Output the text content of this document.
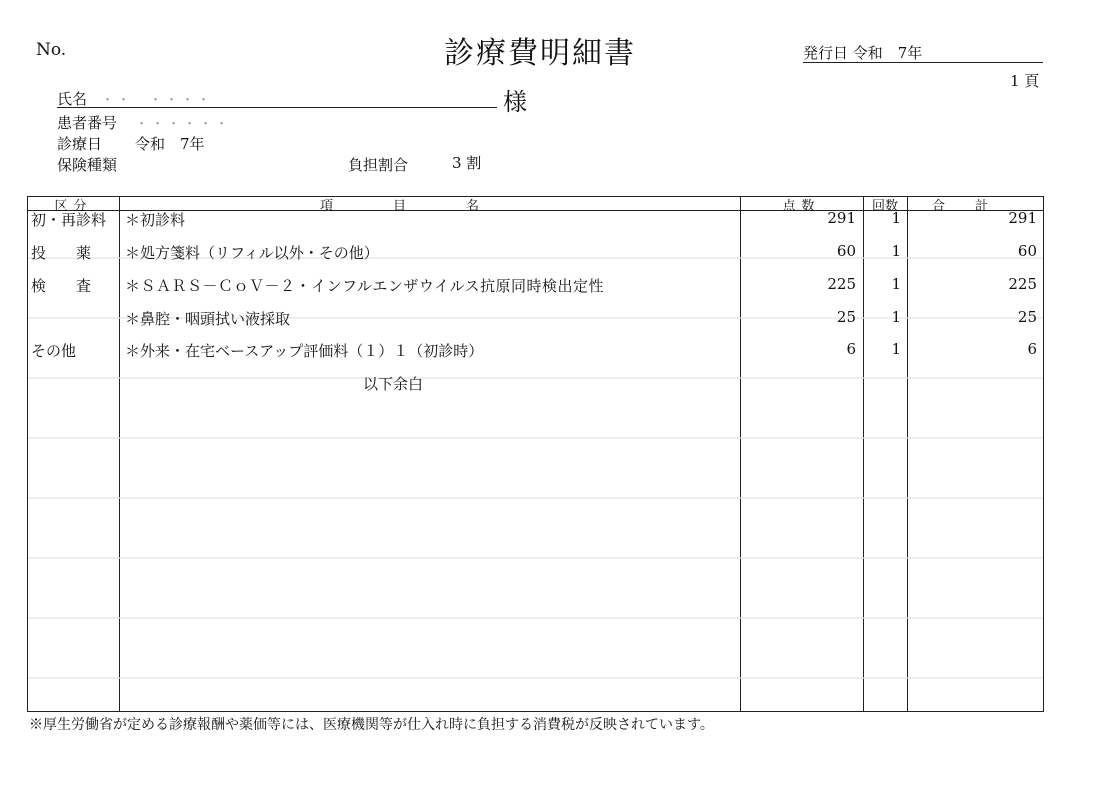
No.	診療費明細書	発行日 令和　7年
1 頁
氏名 ・・　・・・・	様
患者番号 ・・・・・・
診療日 令和　7年
保険種類	負担割合	3 割
区分	項目名	点数	回数	合計
初・再診料 ＊初診料	291	1	291
投　　薬 ＊処方箋料（リフィル以外・その他）	60	1	60
検　　査 ＊ＳＡＲＳ－ＣｏＶ－２・インフルエンザウイルス抗原同時検出定性	225	1	225
＊鼻腔・咽頭拭い液採取	25	1	25
その他	＊外来・在宅ベースアップ評価料（１）１（初診時）	6	1	6
以下余白
※厚生労働省が定める診療報酬や薬価等には、医療機関等が仕入れ時に負担する消費税が反映されています。
